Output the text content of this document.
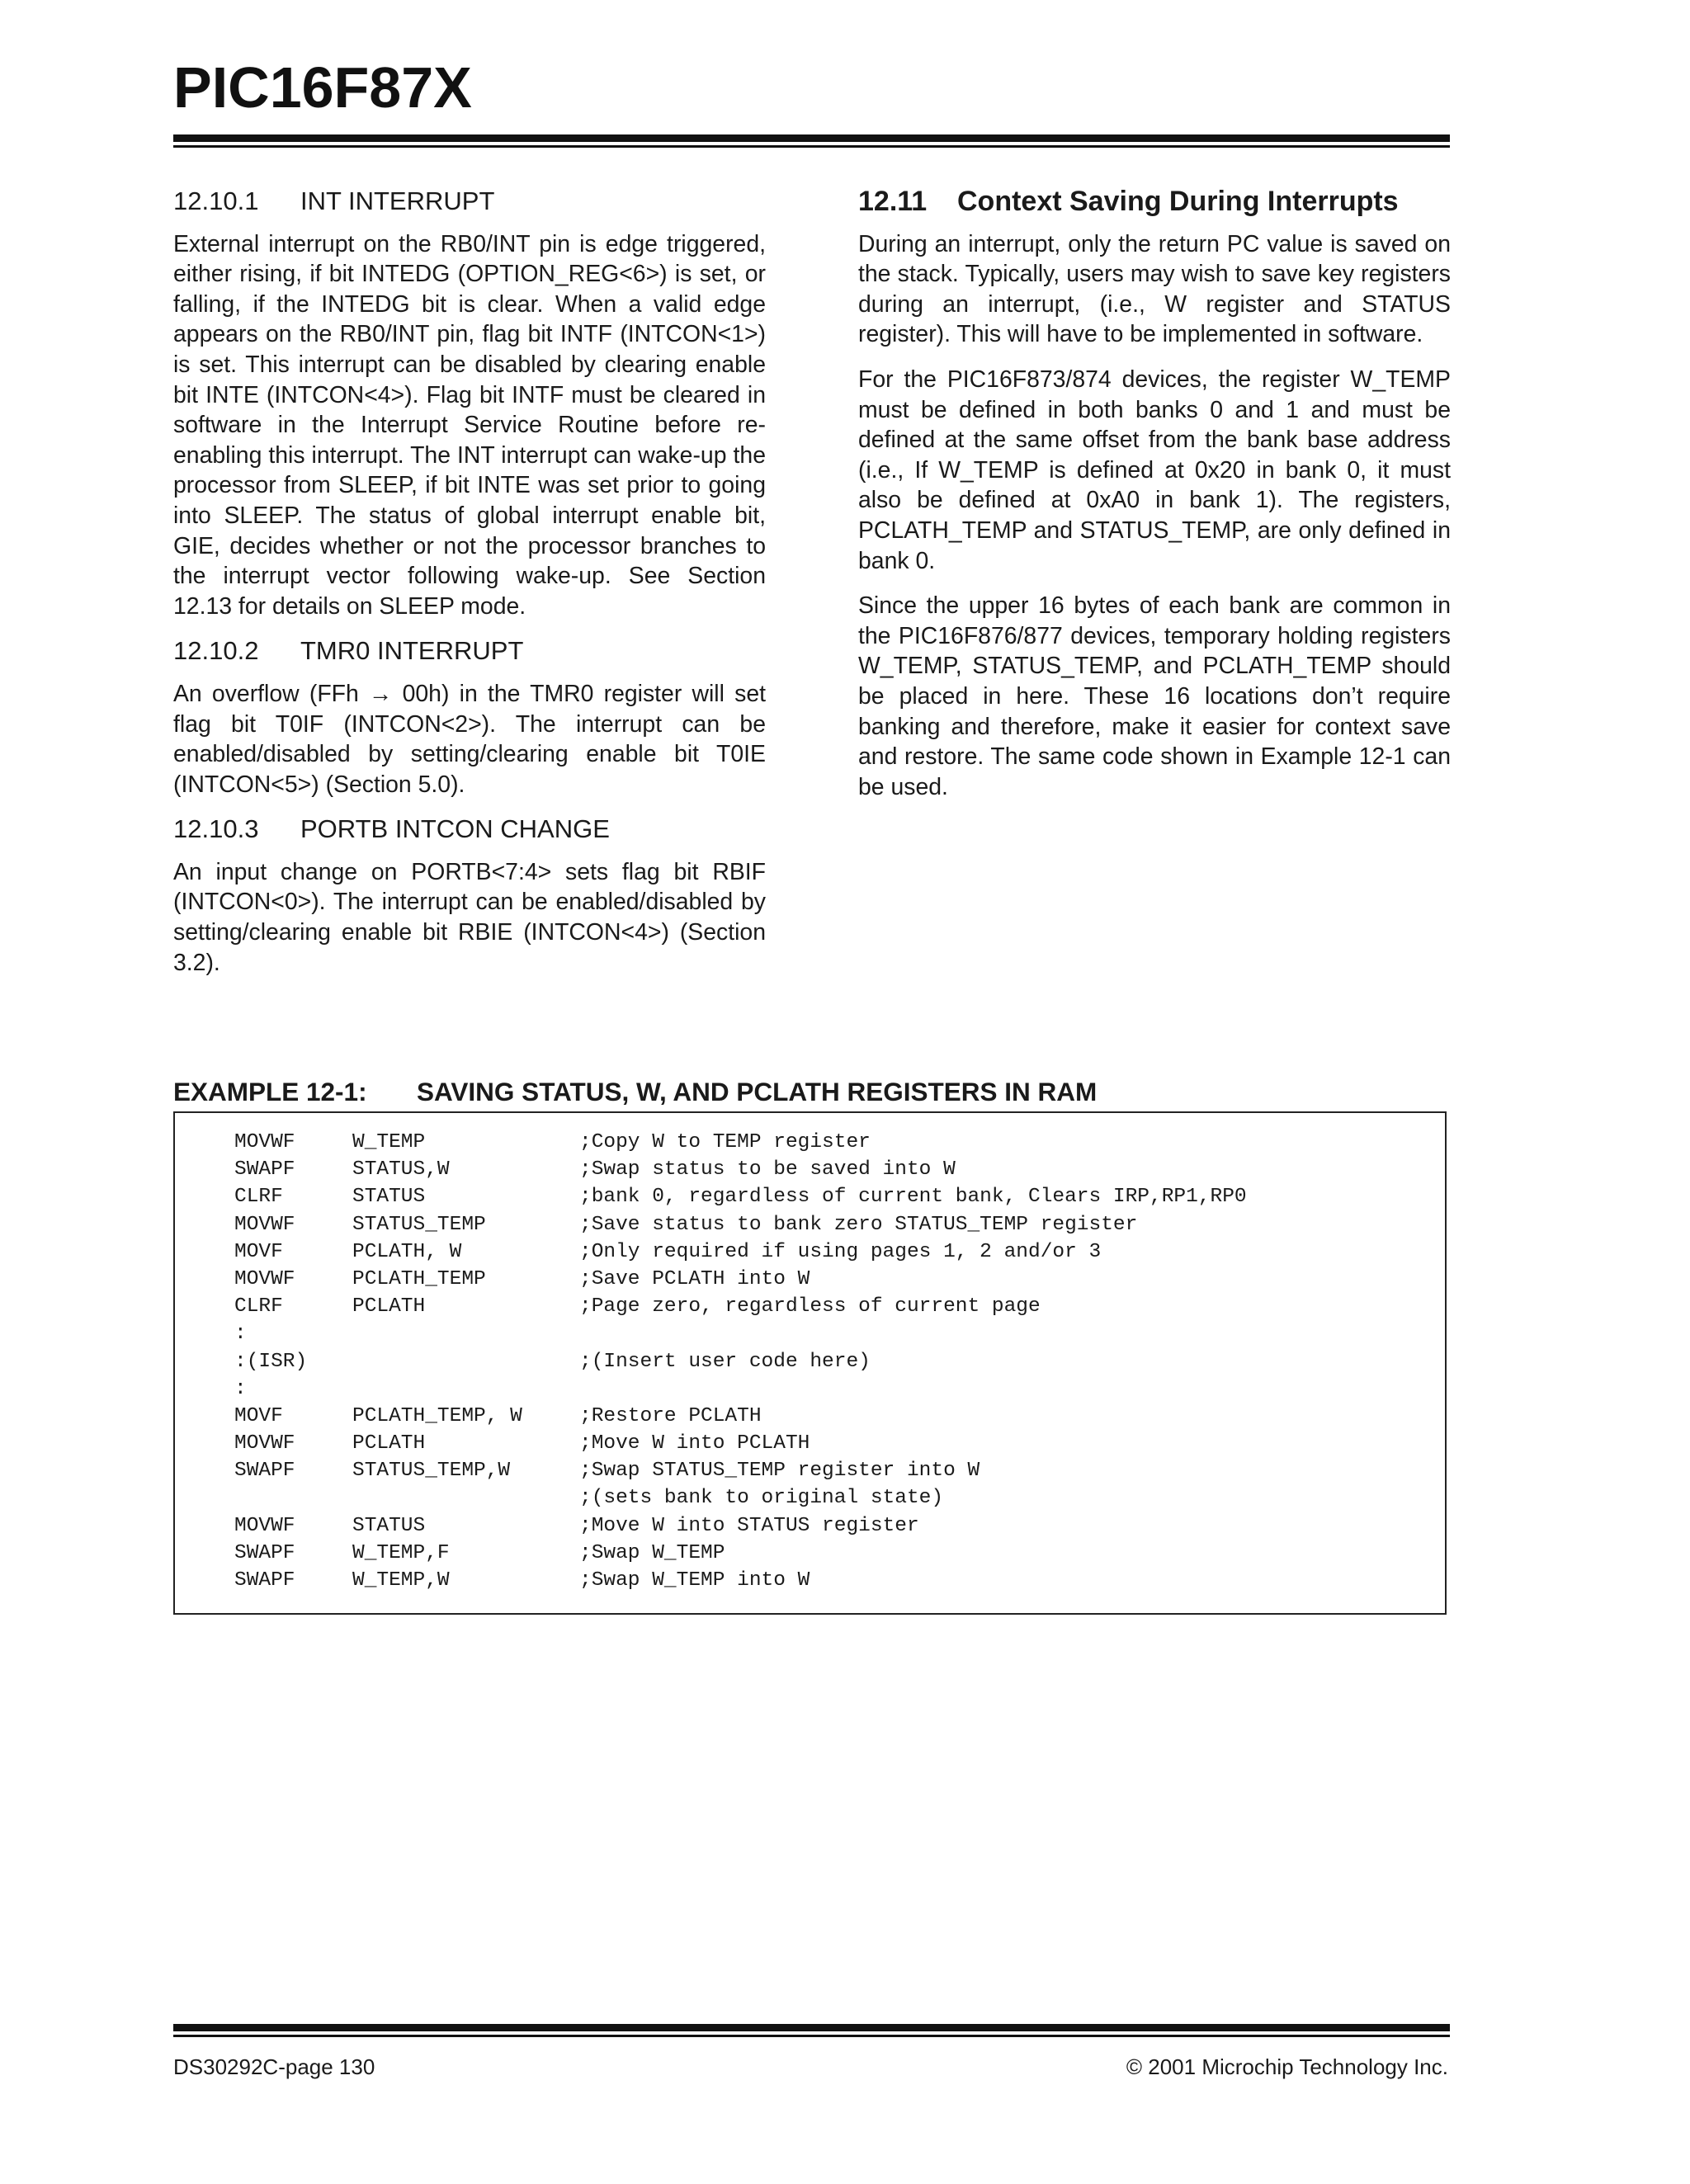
PIC16F87X
12.10.1 INT INTERRUPT

External interrupt on the RB0/INT pin is edge triggered, either rising, if bit INTEDG (OPTION_REG<6>) is set, or falling, if the INTEDG bit is clear. When a valid edge appears on the RB0/INT pin, flag bit INTF (INTCON<1>) is set. This interrupt can be disabled by clearing enable bit INTE (INTCON<4>). Flag bit INTF must be cleared in software in the Interrupt Service Routine before re-enabling this interrupt. The INT interrupt can wake-up the processor from SLEEP, if bit INTE was set prior to going into SLEEP. The status of global interrupt enable bit, GIE, decides whether or not the processor branches to the interrupt vector following wake-up. See Section 12.13 for details on SLEEP mode.

12.10.2 TMR0 INTERRUPT

An overflow (FFh → 00h) in the TMR0 register will set flag bit T0IF (INTCON<2>). The interrupt can be enabled/disabled by setting/clearing enable bit T0IE (INTCON<5>) (Section 5.0).

12.10.3 PORTB INTCON CHANGE

An input change on PORTB<7:4> sets flag bit RBIF (INTCON<0>). The interrupt can be enabled/disabled by setting/clearing enable bit RBIE (INTCON<4>) (Section 3.2).

12.11 Context Saving During Interrupts

During an interrupt, only the return PC value is saved on the stack. Typically, users may wish to save key registers during an interrupt, (i.e., W register and STATUS register). This will have to be implemented in software.

For the PIC16F873/874 devices, the register W_TEMP must be defined in both banks 0 and 1 and must be defined at the same offset from the bank base address (i.e., If W_TEMP is defined at 0x20 in bank 0, it must also be defined at 0xA0 in bank 1). The registers, PCLATH_TEMP and STATUS_TEMP, are only defined in bank 0.

Since the upper 16 bytes of each bank are common in the PIC16F876/877 devices, temporary holding registers W_TEMP, STATUS_TEMP, and PCLATH_TEMP should be placed in here. These 16 locations don’t require banking and therefore, make it easier for context save and restore. The same code shown in Example 12-1 can be used.

EXAMPLE 12-1: SAVING STATUS, W, AND PCLATH REGISTERS IN RAM
MOVWF	W_TEMP	;Copy W to TEMP register
SWAPF	STATUS,W	;Swap status to be saved into W
CLRF	STATUS	;bank 0, regardless of current bank, Clears IRP,RP1,RP0
MOVWF	STATUS_TEMP	;Save status to bank zero STATUS_TEMP register
MOVF	PCLATH, W	;Only required if using pages 1, 2 and/or 3
MOVWF	PCLATH_TEMP	;Save PCLATH into W
CLRF	PCLATH	;Page zero, regardless of current page
:
:(ISR)	;(Insert user code here)
:
MOVF	PCLATH_TEMP, W	;Restore PCLATH
MOVWF	PCLATH	;Move W into PCLATH
SWAPF	STATUS_TEMP,W	;Swap STATUS_TEMP register into W
;(sets bank to original state)
MOVWF	STATUS	;Move W into STATUS register
SWAPF	W_TEMP,F	;Swap W_TEMP
SWAPF	W_TEMP,W	;Swap W_TEMP into W
DS30292C-page 130	© 2001 Microchip Technology Inc.
